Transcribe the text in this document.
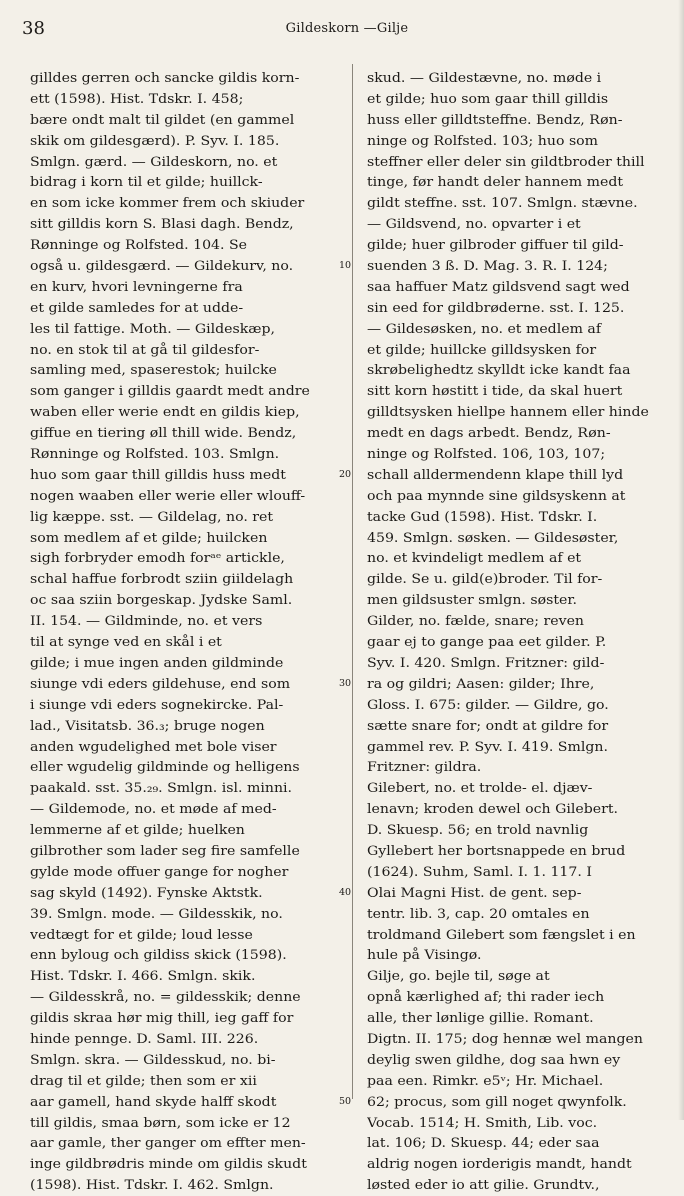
38	Gildeskorn —Gilje
gilldes gerren och sancke gildis korn-
ett (1598). Hist. Tdskr. I. 458;
bære ondt malt til gildet (en gammel
skik om gildesgærd). P. Syv. I. 185.
Smlgn. gærd. — Gildeskorn, no. et
bidrag i korn til et gilde; huillck-
en som icke kommer frem och skiuder
sitt gilldis korn S. Blasi dagh. Bendz,
Rønninge og Rolfsted. 104. Se
også u. gildesgærd. — Gildekurv, no.
en kurv, hvori levningerne fra
et gilde samledes for at udde-
les til fattige. Moth. — Gildeskæp,
no. en stok til at gå til gildesfor-
samling med, spaserestok; huilcke
som ganger i gilldis gaardt medt andre
waben eller werie endt en gildis kiep,
giffue en tiering øll thill wide. Bendz,
Rønninge og Rolfsted. 103. Smlgn.
huo som gaar thill gilldis huss medt
nogen waaben eller werie eller wlouff-
lig kæppe. sst. — Gildelag, no. ret
som medlem af et gilde; huilcken
sigh forbryder emodh forᵃᵉ artickle,
schal haffue forbrodt sziin giildelagh
oc saa sziin borgeskap. Jydske Saml.
II. 154. — Gildminde, no. et vers
til at synge ved en skål i et
gilde; i mue ingen anden gildminde
siunge vdi eders gildehuse, end som
i siunge vdi eders sognekircke. Pal-
lad., Visitatsb. 36.₃; bruge nogen
anden wgudelighed met bole viser
eller wgudelig gildminde og helligens
paakald. sst. 35.₂₉. Smlgn. isl. minni.
— Gildemode, no. et møde af med-
lemmerne af et gilde; huelken
gilbrother som lader seg fire samfelle
gylde mode offuer gange for nogher
sag skyld (1492). Fynske Aktstk.
39. Smlgn. mode. — Gildesskik, no.
vedtægt for et gilde; loud lesse
enn byloug och gildiss skick (1598).
Hist. Tdskr. I. 466. Smlgn. skik.
— Gildesskrå, no. = gildesskik; denne
gildis skraa hør mig thill, ieg gaff for
hinde pennge. D. Saml. III. 226.
Smlgn. skra. — Gildesskud, no. bi-
drag til et gilde; then som er xii
aar gamell, hand skyde halff skodt
till gildis, smaa børn, som icke er 12
aar gamle, ther ganger om effter men-
inge gildbrødris minde om gildis skudt
(1598). Hist. Tdskr. I. 462. Smlgn.
10
20
30
40
50
skud. — Gildestævne, no. møde i
et gilde; huo som gaar thill gilldis
huss eller gilldtsteffne. Bendz, Røn-
ninge og Rolfsted. 103; huo som
steffner eller deler sin gildtbroder thill
tinge, før handt deler hannem medt
gildt steffne. sst. 107. Smlgn. stævne.
— Gildsvend, no. opvarter i et
gilde; huer gilbroder giffuer til gild-
suenden 3 ß. D. Mag. 3. R. I. 124;
saa haffuer Matz gildsvend sagt wed
sin eed for gildbrøderne. sst. I. 125.
— Gildesøsken, no. et medlem af
et gilde; huillcke gilldsysken for
skrøbelighedtz skylldt icke kandt faa
sitt korn høstitt i tide, da skal huert
gilldtsysken hiellpe hannem eller hinde
medt en dags arbedt. Bendz, Røn-
ninge og Rolfsted. 106, 103, 107;
schall alldermendenn klape thill lyd
och paa mynnde sine gildsyskenn at
tacke Gud (1598). Hist. Tdskr. I.
459. Smlgn. søsken. — Gildesøster,
no. et kvindeligt medlem af et
gilde. Se u. gild(e)broder. Til for-
men gildsuster smlgn. søster.
Gilder, no. fælde, snare; reven
gaar ej to gange paa eet gilder. P.
Syv. I. 420. Smlgn. Fritzner: gild-
ra og gildri; Aasen: gilder; Ihre,
Gloss. I. 675: gilder. — Gildre, go.
sætte snare for; ondt at gildre for
gammel rev. P. Syv. I. 419. Smlgn.
Fritzner: gildra.
Gilebert, no. et trolde- el. djæv-
lenavn; kroden dewel och Gilebert.
D. Skuesp. 56; en trold navnlig
Gyllebert her bortsnappede en brud
(1624). Suhm, Saml. I. 1. 117. I
Olai Magni Hist. de gent. sep-
tentr. lib. 3, cap. 20 omtales en
troldmand Gilebert som fængslet i en
hule på Visingø.
Gilje, go. bejle til, søge at
opnå kærlighed af; thi rader iech
alle, ther lønlige gillie. Romant.
Digtn. II. 175; dog hennæ wel mangen
deylig swen gildhe, dog saa hwn ey
paa een. Rimkr. e5ᵛ; Hr. Michael.
62; procus, som gill noget qwynfolk.
Vocab. 1514; H. Smith, Lib. voc.
lat. 106; D. Skuesp. 44; eder saa
aldrig nogen iorderigis mandt, handt
løsted eder io att gilie. Grundtv.,
